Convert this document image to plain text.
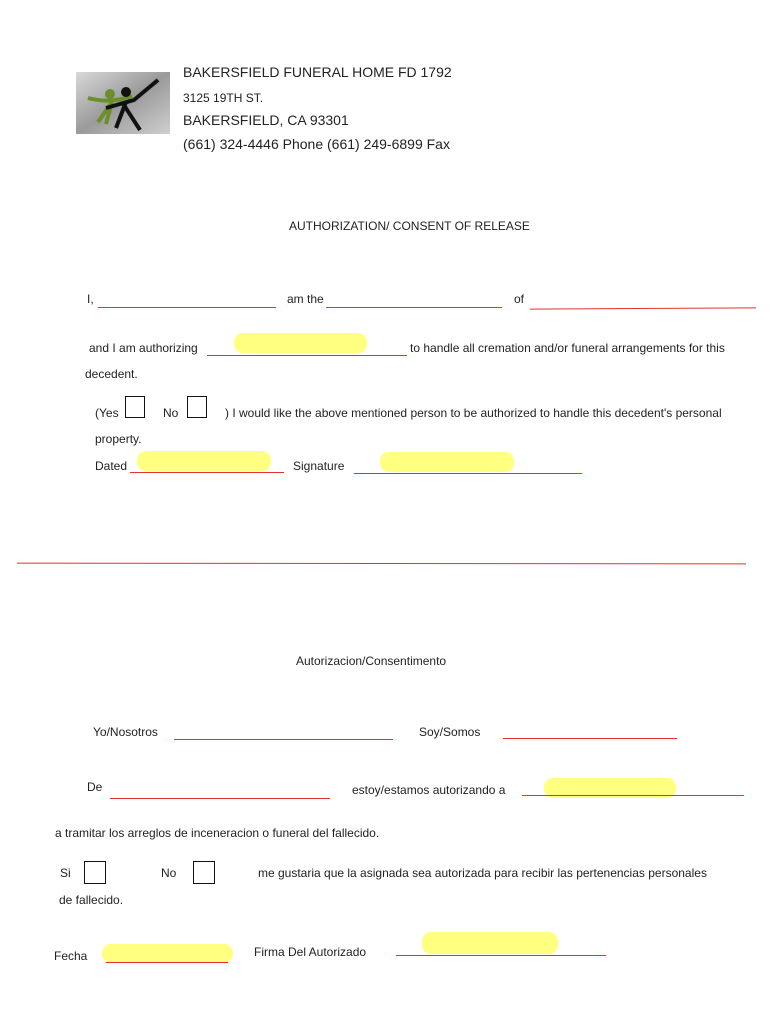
BAKERSFIELD FUNERAL HOME FD 1792
3125 19TH ST.
BAKERSFIELD, CA 93301
(661) 324-4446 Phone (661) 249-6899 Fax
AUTHORIZATION/ CONSENT OF RELEASE
I,	am the	of
and I am authorizing	to handle all cremation and/or funeral arrangements for this
decedent.
(Yes	No	) I would like the above mentioned person to be authorized to handle this decedent's personal
property.
Dated	Signature
Autorizacion/Consentimento
Yo/Nosotros	Soy/Somos
De	estoy/estamos autorizando a
a tramitar los arreglos de inceneracion o funeral del fallecido.
Si	No	me gustaria que la asignada sea autorizada para recibir las pertenencias personales
de fallecido.
Fecha	Firma Del Autorizado
